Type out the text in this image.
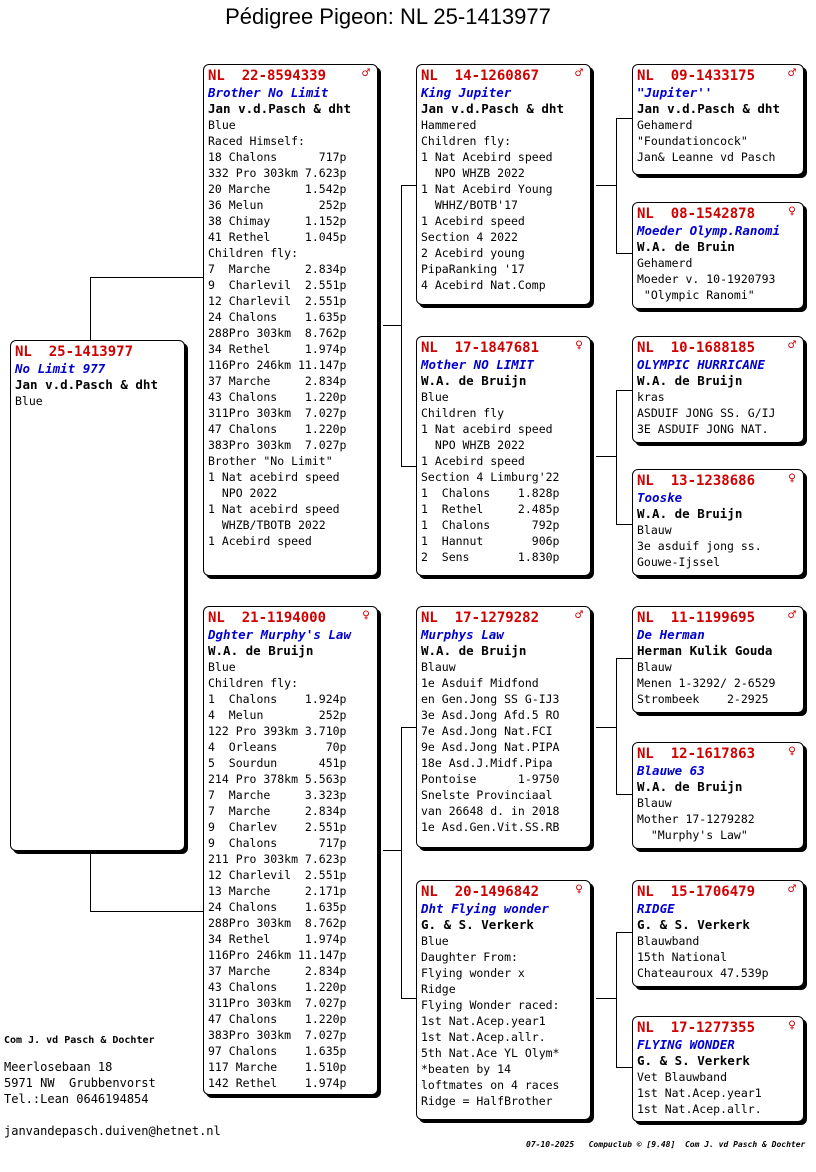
Pédigree Pigeon: NL 25-1413977
NL  25-1413977
No Limit 977
Jan v.d.Pasch & dht
Blue
NL  22-8594339	♂
Brother No Limit
Jan v.d.Pasch & dht
Blue
Raced Himself:
18 Chalons      717p
332 Pro 303km 7.623p
20 Marche     1.542p
36 Melun        252p
38 Chimay     1.152p
41 Rethel     1.045p
Children fly:
7  Marche     2.834p
9  Charlevil  2.551p
12 Charlevil  2.551p
24 Chalons    1.635p
288Pro 303km  8.762p
34 Rethel     1.974p
116Pro 246km 11.147p
37 Marche     2.834p
43 Chalons    1.220p
311Pro 303km  7.027p
47 Chalons    1.220p
383Pro 303km  7.027p
Brother "No Limit"
1 Nat acebird speed
NPO 2022
1 Nat acebird speed
WHZB/TBOTB 2022
1 Acebird speed
NL  21-1194000	♀
Dghter Murphy's Law
W.A. de Bruijn
Blue
Children fly:
1  Chalons    1.924p
4  Melun        252p
122 Pro 393km 3.710p
4  Orleans       70p
5  Sourdun      451p
214 Pro 378km 5.563p
7  Marche     3.323p
7  Marche     2.834p
9  Charlev    2.551p
9  Chalons      717p
211 Pro 303km 7.623p
12 Charlevil  2.551p
13 Marche     2.171p
24 Chalons    1.635p
288Pro 303km  8.762p
34 Rethel     1.974p
116Pro 246km 11.147p
37 Marche     2.834p
43 Chalons    1.220p
311Pro 303km  7.027p
47 Chalons    1.220p
383Pro 303km  7.027p
97 Chalons    1.635p
117 Marche    1.510p
142 Rethel    1.974p
NL  14-1260867	♂
King Jupiter
Jan v.d.Pasch & dht
Hammered
Children fly:
1 Nat Acebird speed
NPO WHZB 2022
1 Nat Acebird Young
WHHZ/BOTB'17
1 Acebird speed
Section 4 2022
2 Acebird young
PipaRanking '17
4 Acebird Nat.Comp
NL  17-1847681	♀
Mother NO LIMIT
W.A. de Bruijn
Blue
Children fly
1 Nat acebird speed
NPO WHZB 2022
1 Acebird speed
Section 4 Limburg'22
1  Chalons    1.828p
1  Rethel     2.485p
1  Chalons      792p
1  Hannut       906p
2  Sens       1.830p
NL  17-1279282	♂
Murphys Law
W.A. de Bruijn
Blauw
1e Asduif Midfond
en Gen.Jong SS G-IJ3
3e Asd.Jong Afd.5 RO
7e Asd.Jong Nat.FCI
9e Asd.Jong Nat.PIPA
18e Asd.J.Midf.Pipa
Pontoise      1-9750
Snelste Provinciaal
van 26648 d. in 2018
1e Asd.Gen.Vit.SS.RB
NL  20-1496842	♀
Dht Flying wonder
G. & S. Verkerk
Blue
Daughter From:
Flying wonder x
Ridge
Flying Wonder raced:
1st Nat.Acep.year1
1st Nat.Acep.allr.
5th Nat.Ace YL Olym*
*beaten by 14
loftmates on 4 races
Ridge = HalfBrother
NL  09-1433175	♂
"Jupiter''
Jan v.d.Pasch & dht
Gehamerd
"Foundationcock"
Jan& Leanne vd Pasch
NL  08-1542878	♀
Moeder Olymp.Ranomi
W.A. de Bruin
Gehamerd
Moeder v. 10-1920793
"Olympic Ranomi"
NL  10-1688185	♂
OLYMPIC HURRICANE
W.A. de Bruijn
kras
ASDUIF JONG SS. G/IJ
3E ASDUIF JONG NAT.
NL  13-1238686	♀
Tooske
W.A. de Bruijn
Blauw
3e asduif jong ss.
Gouwe-Ijssel
NL  11-1199695	♂
De Herman
Herman Kulik Gouda
Blauw
Menen 1-3292/ 2-6529
Strombeek    2-2925
NL  12-1617863	♀
Blauwe 63
W.A. de Bruijn
Blauw
Mother 17-1279282
"Murphy's Law"
NL  15-1706479	♂
RIDGE
G. & S. Verkerk
Blauwband
15th National
Chateauroux 47.539p
NL  17-1277355	♀
FLYING WONDER
G. & S. Verkerk
Vet Blauwband
1st Nat.Acep.year1
1st Nat.Acep.allr.
Com J. vd Pasch & Dochter
Meerlosebaan 18
5971 NW  Grubbenvorst
Tel.:Lean 0646194854
janvandepasch.duiven@hetnet.nl
07-10-2025   Compuclub © [9.48]  Com J. vd Pasch & Dochter
